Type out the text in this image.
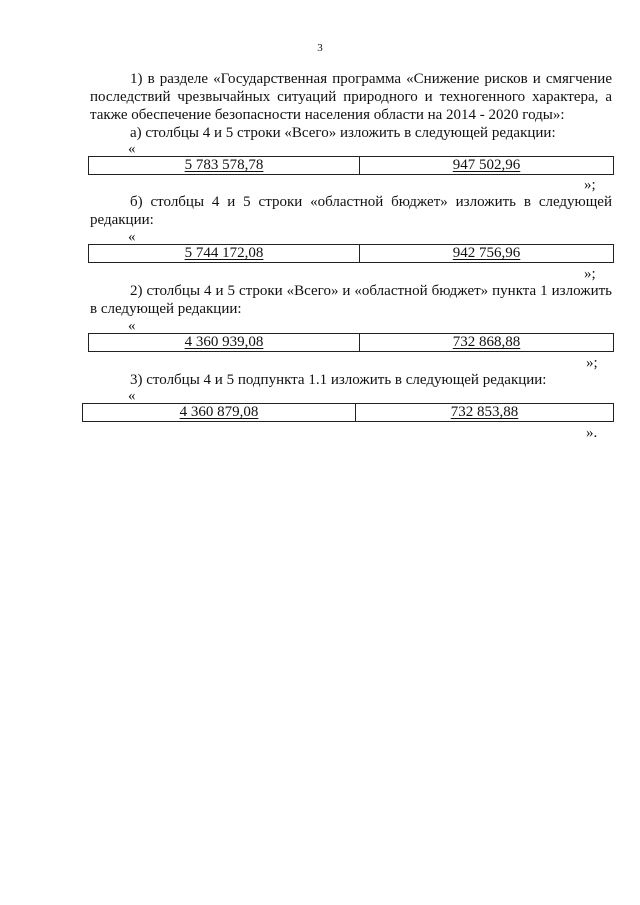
3
1) в разделе «Государственная программа «Снижение рисков и смягчение последствий чрезвычайных ситуаций природного и техногенного характера, а также обеспечение безопасности населения области на 2014 - 2020 годы»:
а) столбцы 4 и 5 строки «Всего» изложить в следующей редакции:
«
5 783 578,78	947 502,96
»;
б) столбцы 4 и 5 строки «областной бюджет» изложить в следующей редакции:
«
5 744 172,08	942 756,96
»;
2) столбцы 4 и 5 строки «Всего» и «областной бюджет» пункта 1 изложить в следующей редакции:
«
4 360 939,08	732 868,88
»;
3) столбцы 4 и 5 подпункта 1.1 изложить в следующей редакции:
«
4 360 879,08	732 853,88
».
